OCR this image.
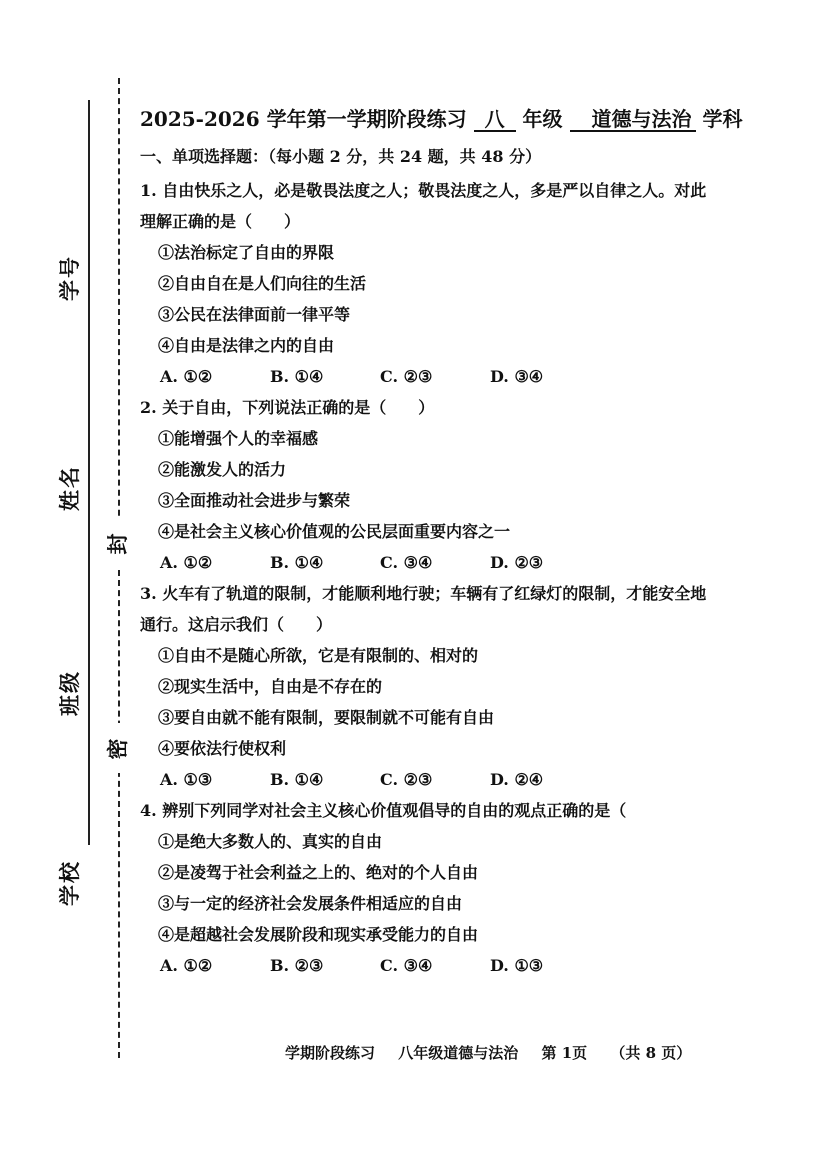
学号
姓名
班级
学校
封
密
2025-2026 学年第一学期阶段练习 八 年级 道德与法治 学科
一、单项选择题：（每小题 2 分，共 24 题，共 48 分）
1. 自由快乐之人，必是敬畏法度之人；敬畏法度之人，多是严以自律之人。对此
理解正确的是（　　）
①法治标定了自由的界限
②自由自在是人们向往的生活
③公民在法律面前一律平等
④自由是法律之内的自由
A. ①②	B. ①④	C. ②③	D. ③④
2. 关于自由，下列说法正确的是（　　）
①能增强个人的幸福感
②能激发人的活力
③全面推动社会进步与繁荣
④是社会主义核心价值观的公民层面重要内容之一
A. ①②	B. ①④	C. ③④	D. ②③
3. 火车有了轨道的限制，才能顺利地行驶；车辆有了红绿灯的限制，才能安全地
通行。这启示我们（　　）
①自由不是随心所欲，它是有限制的、相对的
②现实生活中，自由是不存在的
③要自由就不能有限制，要限制就不可能有自由
④要依法行使权利
A. ①③	B. ①④	C. ②③	D. ②④
4. 辨别下列同学对社会主义核心价值观倡导的自由的观点正确的是（
①是绝大多数人的、真实的自由
②是凌驾于社会利益之上的、绝对的个人自由
③与一定的经济社会发展条件相适应的自由
④是超越社会发展阶段和现实承受能力的自由
A. ①②	B. ②③	C. ③④	D. ①③
学期阶段练习 八年级道德与法治 第 1页 （共 8 页）
